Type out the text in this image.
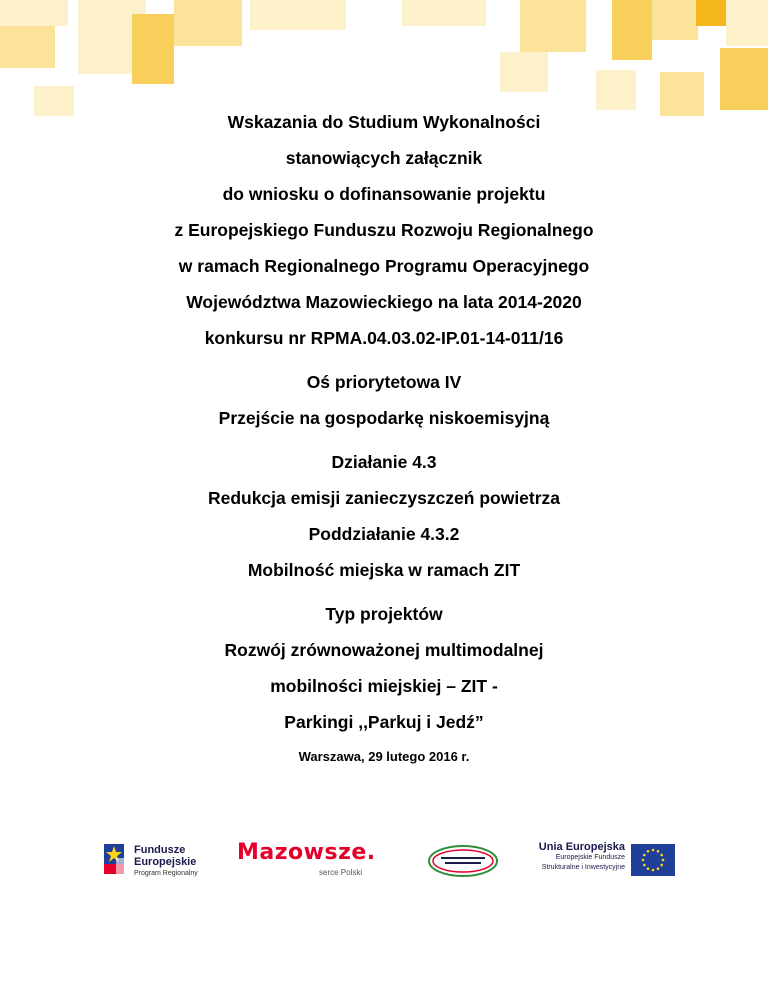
Wskazania do Studium Wykonalności

stanowiących załącznik

do wniosku o dofinansowanie projektu

z Europejskiego Funduszu Rozwoju Regionalnego

w ramach Regionalnego Programu Operacyjnego

Województwa Mazowieckiego na lata 2014-2020

konkursu nr RPMA.04.03.02-IP.01-14-011/16

Oś priorytetowa IV

Przejście na gospodarkę niskoemisyjną

Działanie 4.3

Redukcja emisji zanieczyszczeń powietrza

Poddziałanie 4.3.2

Mobilność miejska w ramach ZIT

Typ projektów

Rozwój zrównoważonej multimodalnej

mobilności miejskiej – ZIT -

Parkingi ,,Parkuj i Jedź”

Warszawa, 29 lutego 2016 r.

Fundusze
Europejskie
Program Regionalny
Mazowsze.
serce Polski
Unia Europejska
Europejskie Fundusze
Strukturalne i Inwestycyjne
